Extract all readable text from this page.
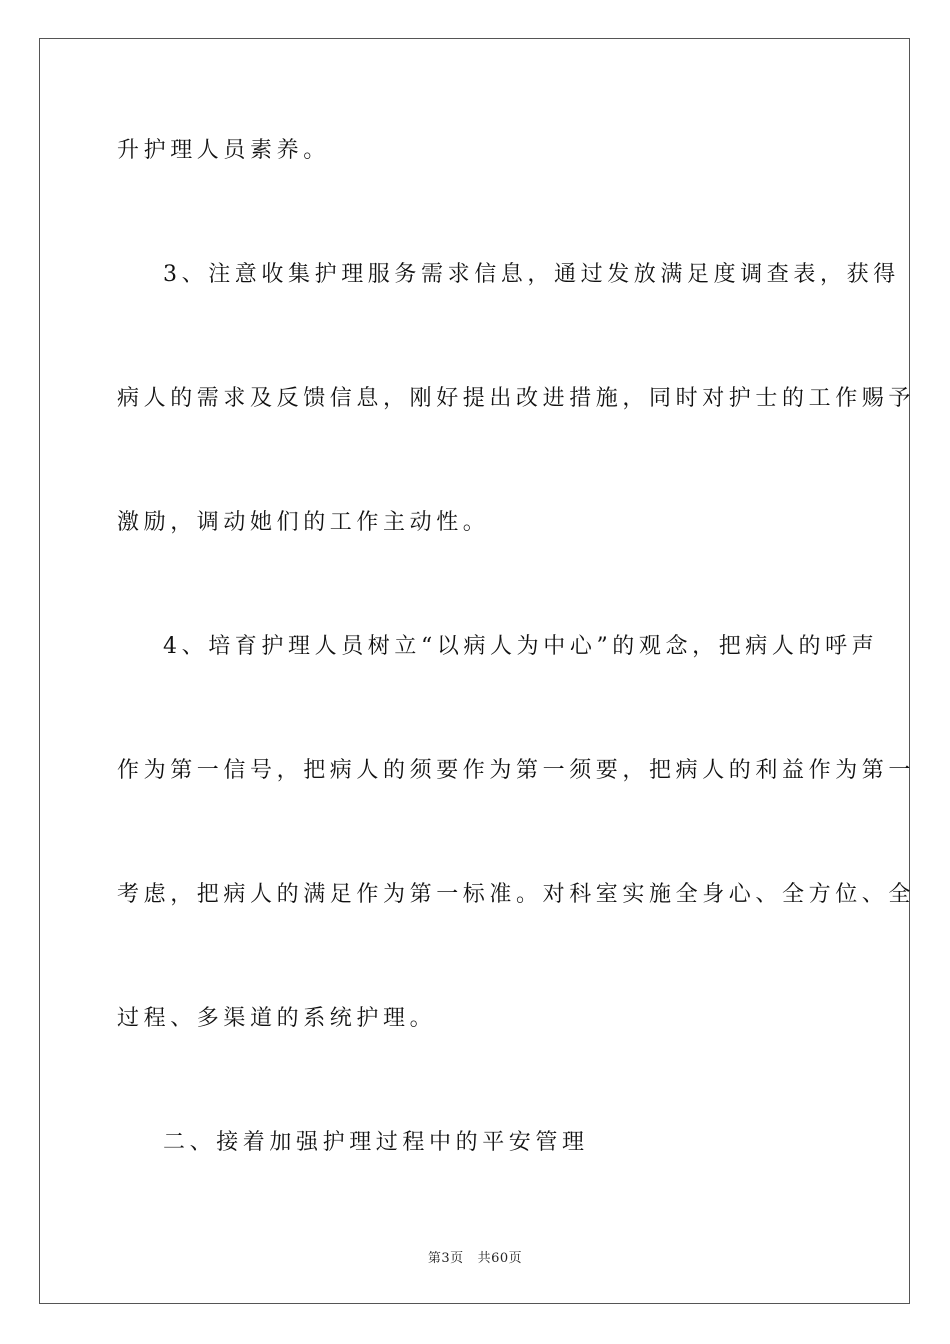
升护理人员素养。
3、注意收集护理服务需求信息，通过发放满足度调查表，获得
病人的需求及反馈信息，刚好提出改进措施，同时对护士的工作赐予
激励，调动她们的工作主动性。
4、培育护理人员树立“以病人为中心”的观念，把病人的呼声
作为第一信号，把病人的须要作为第一须要，把病人的利益作为第一
考虑，把病人的满足作为第一标准。对科室实施全身心、全方位、全
过程、多渠道的系统护理。
二、接着加强护理过程中的平安管理
第3页 共60页
